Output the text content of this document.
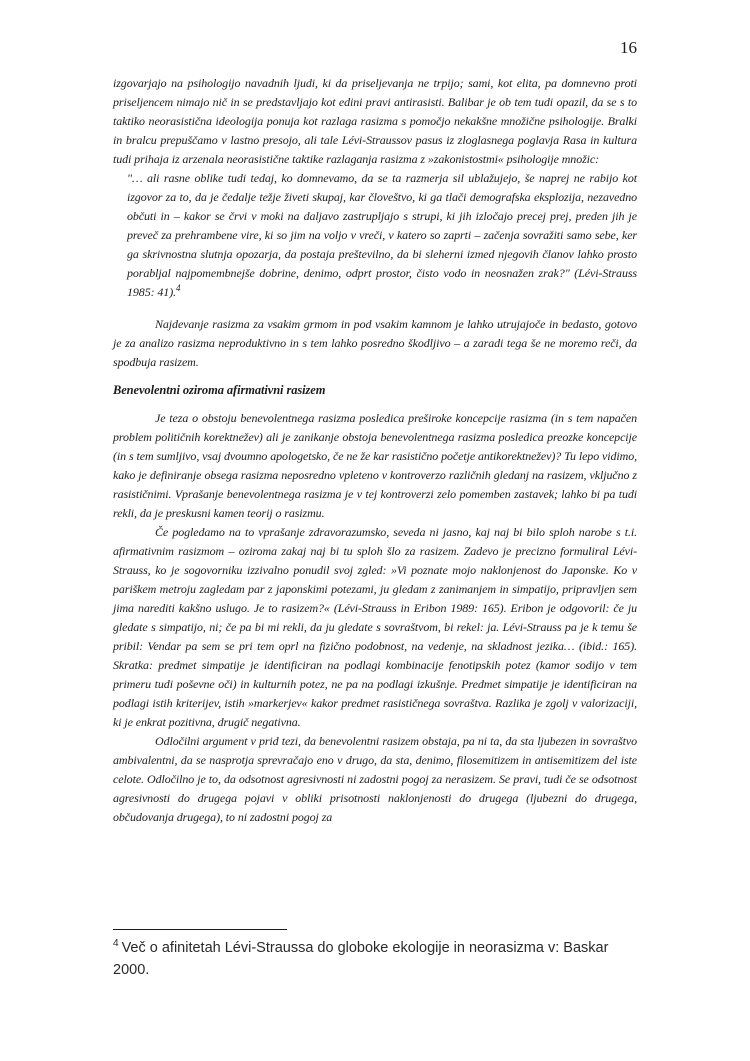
16

izgovarjajo na psihologijo navadnih ljudi, ki da priseljevanja ne trpijo; sami, kot elita, pa domnevno proti priseljencem nimajo nič in se predstavljajo kot edini pravi antirasisti. Balibar je ob tem tudi opazil, da se s to taktiko neorasistična ideologija ponuja kot razlaga rasizma s pomočjo nekakšne množične psihologije. Bralki in bralcu prepuščamo v lastno presojo, ali tale Lévi-Straussov pasus iz zloglasnega poglavja Rasa in kultura tudi prihaja iz arzenala neorasistične taktike razlaganja rasizma z »zakonistostmi« psihologije množic:

"… ali rasne oblike tudi tedaj, ko domnevamo, da se ta razmerja sil ublažujejo, še naprej ne rabijo kot izgovor za to, da je čedalje težje živeti skupaj, kar človeštvo, ki ga tlači demografska eksplozija, nezavedno občuti in – kakor se črvi v moki na daljavo zastrupljajo s strupi, ki jih izločajo precej prej, preden jih je preveč za prehrambene vire, ki so jim na voljo v vreči, v katero so zaprti – začenja sovražiti samo sebe, ker ga skrivnostna slutnja opozarja, da postaja preštevilno, da bi sleherni izmed njegovih članov lahko prosto porabljal najpomembnejše dobrine, denimo, odprt prostor, čisto vodo in neosnažen zrak?" (Lévi-Strauss 1985: 41).$^4$

Najdevanje rasizma za vsakim grmom in pod vsakim kamnom je lahko utrujajoče in bedasto, gotovo je za analizo rasizma neproduktivno in s tem lahko posredno škodljivo – a zaradi tega še ne moremo reči, da spodbuja rasizem.

Benevolentni oziroma afirmativni rasizem

Je teza o obstoju benevolentnega rasizma posledica preširoke koncepcije rasizma (in s tem napačen problem političnih korektnežev) ali je zanikanje obstoja benevolentnega rasizma posledica preozke koncepcije (in s tem sumljivo, vsaj dvoumno apologetsko, če ne že kar rasistično početje antikorektnežev)? Tu lepo vidimo, kako je definiranje obsega rasizma neposredno vpleteno v kontroverzo različnih gledanj na rasizem, vključno z rasističnimi. Vprašanje benevolentnega rasizma je v tej kontroverzi zelo pomemben zastavek; lahko bi pa tudi rekli, da je preskusni kamen teorij o rasizmu.

Če pogledamo na to vprašanje zdravorazumsko, seveda ni jasno, kaj naj bi bilo sploh narobe s t.i. afirmativnim rasizmom – oziroma zakaj naj bi tu sploh šlo za rasizem. Zadevo je precizno formuliral Lévi-Strauss, ko je sogovorniku izzivalno ponudil svoj zgled: »Vi poznate mojo naklonjenost do Japonske. Ko v pariškem metroju zagledam par z japonskimi potezami, ju gledam z zanimanjem in simpatijo, pripravljen sem jima narediti kakšno uslugo. Je to rasizem?« (Lévi-Strauss in Eribon 1989: 165). Eribon je odgovoril: če ju gledate s simpatijo, ni; če pa bi mi rekli, da ju gledate s sovraštvom, bi rekel: ja. Lévi-Strauss pa je k temu še pribil: Vendar pa sem se pri tem oprl na fizično podobnost, na vedenje, na skladnost jezika… (ibid.: 165). Skratka: predmet simpatije je identificiran na podlagi kombinacije fenotipskih potez (kamor sodijo v tem primeru tudi poševne oči) in kulturnih potez, ne pa na podlagi izkušnje. Predmet simpatije je identificiran na podlagi istih kriterijev, istih »markerjev« kakor predmet rasističnega sovraštva. Razlika je zgolj v valorizaciji, ki je enkrat pozitivna, drugič negativna.

Odločilni argument v prid tezi, da benevolentni rasizem obstaja, pa ni ta, da sta ljubezen in sovraštvo ambivalentni, da se nasprotja sprevračajo eno v drugo, da sta, denimo, filosemitizem in antisemitizem del iste celote. Odločilno je to, da odsotnost agresivnosti ni zadostni pogoj za nerasizem. Se pravi, tudi če se odsotnost agresivnosti do drugega pojavi v obliki prisotnosti naklonjenosti do drugega (ljubezni do drugega, občudovanja drugega), to ni zadostni pogoj za

$^4$ Več o afinitetah Lévi-Straussa do globoke ekologije in neorasizma v: Baskar 2000.
